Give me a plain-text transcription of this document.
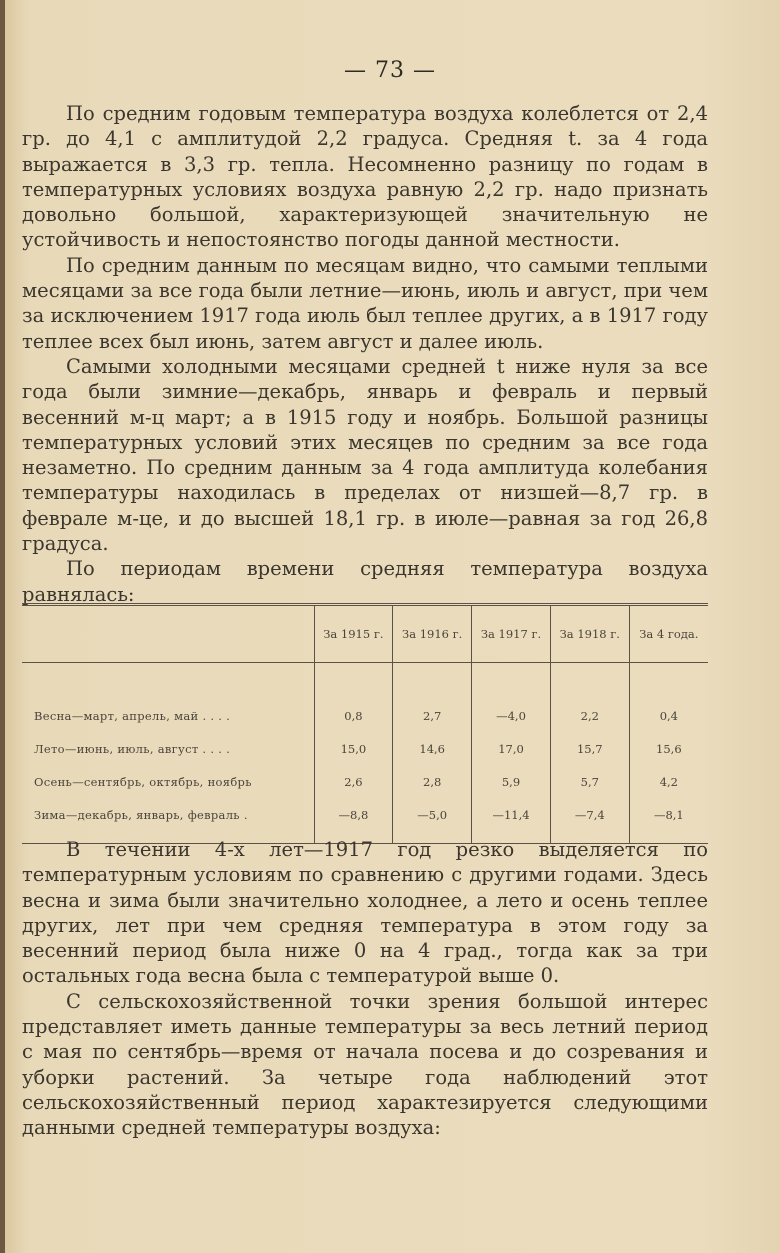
— 73 —

По средним годовым температура воздуха колеблется от 2,4 гр. до 4,1 с амплитудой 2,2 градуса. Средняя t. за 4 года выражается в 3,3 гр. тепла. Несомненно разницу по годам в температурных условиях воздуха равную 2,2 гр. надо признать довольно большой, характеризующей значительную не устойчивость и непостоянство погоды данной местности.

По средним данным по месяцам видно, что самыми теплыми месяцами за все года были летние—июнь, июль и август, при чем за исключением 1917 года июль был теплее других, а в 1917 году теплее всех был июнь, затем август и далее июль.

Самыми холодными месяцами средней t ниже нуля за все года были зимние—декабрь, январь и февраль и первый весенний м-ц март; а в 1915 году и ноябрь. Большой разницы температурных условий этих месяцев по средним за все года незаметно. По средним данным за 4 года амплитуда колебания температуры находилась в пределах от низшей—8,7 гр. в феврале м-це, и до высшей 18,1 гр. в июле—равная за год 26,8 градуса.

По периодам времени средняя температура воздуха равнялась:

	За 1915 г.	За 1916 г.	За 1917 г.	За 1918 г.	За 4 года.

Весна—март, апрель, май . . . .	0,8	2,7	—4,0	2,2	0,4
Лето—июнь, июль, август . . . .	15,0	14,6	17,0	15,7	15,6
Осень—сентябрь, октябрь, ноябрь	2,6	2,8	5,9	5,7	4,2
Зима—декабрь, январь, февраль .	—8,8	—5,0	—11,4	—7,4	—8,1

В течении 4-х лет—1917 год резко выделяется по температурным условиям по сравнению с другими годами. Здесь весна и зима были значительно холоднее, а лето и осень теплее других, лет при чем средняя температура в этом году за весенний период была ниже 0 на 4 град., тогда как за три остальных года весна была с температурой выше 0.

С сельскохозяйственной точки зрения большой интерес представляет иметь данные температуры за весь летний период с мая по сентябрь—время от начала посева и до созревания и уборки растений. За четыре года наблюдений этот сельскохозяйственный период характезируется следующими данными средней температуры воздуха:
